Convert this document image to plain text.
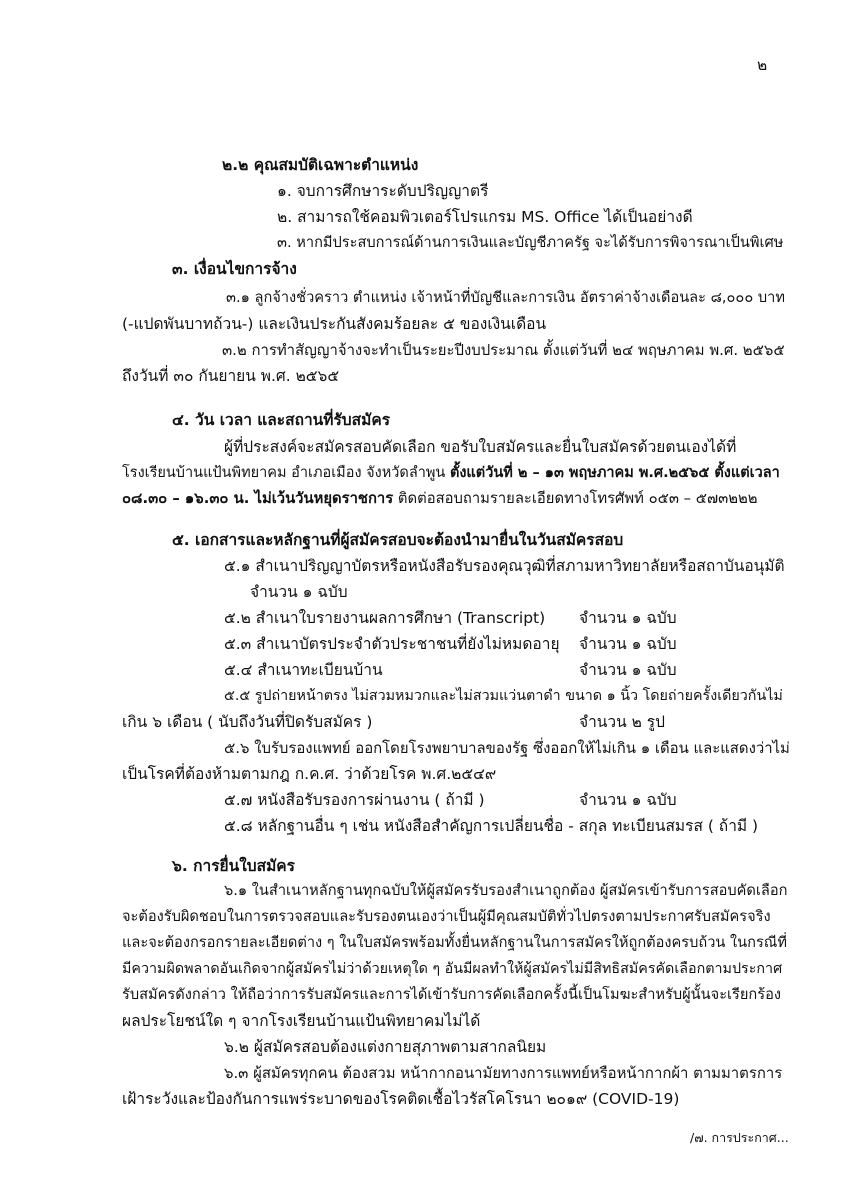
๒
๒.๒ คุณสมบัติเฉพาะตำแหน่ง
๑. จบการศึกษาระดับปริญญาตรี
๒. สามารถใช้คอมพิวเตอร์โปรแกรม MS. Office ได้เป็นอย่างดี
๓. หากมีประสบการณ์ด้านการเงินและบัญชีภาครัฐ จะได้รับการพิจารณาเป็นพิเศษ
๓. เงื่อนไขการจ้าง
๓.๑ ลูกจ้างชั่วคราว ตำแหน่ง เจ้าหน้าที่บัญชีและการเงิน อัตราค่าจ้างเดือนละ ๘,๐๐๐ บาท
(-แปดพันบาทถ้วน-) และเงินประกันสังคมร้อยละ ๕ ของเงินเดือน
๓.๒ การทำสัญญาจ้างจะทำเป็นระยะปีงบประมาณ ตั้งแต่วันที่ ๒๔ พฤษภาคม พ.ศ. ๒๕๖๕
ถึงวันที่ ๓๐ กันยายน พ.ศ. ๒๕๖๕
๔. วัน เวลา และสถานที่รับสมัคร
ผู้ที่ประสงค์จะสมัครสอบคัดเลือก ขอรับใบสมัครและยื่นใบสมัครด้วยตนเองได้ที่
โรงเรียนบ้านแป้นพิทยาคม อำเภอเมือง จังหวัดลำพูน ตั้งแต่วันที่ ๒ – ๑๓ พฤษภาคม พ.ศ.๒๕๖๕ ตั้งแต่เวลา
๐๘.๓๐ – ๑๖.๓๐ น. ไม่เว้นวันหยุดราชการ ติดต่อสอบถามรายละเอียดทางโทรศัพท์ ๐๕๓ – ๕๗๓๒๒๒
๕. เอกสารและหลักฐานที่ผู้สมัครสอบจะต้องนำมายื่นในวันสมัครสอบ
๕.๑ สำเนาปริญญาบัตรหรือหนังสือรับรองคุณวุฒิที่สภามหาวิทยาลัยหรือสถาบันอนุมัติ
จำนวน ๑ ฉบับ
๕.๒ สำเนาใบรายงานผลการศึกษา (Transcript) จำนวน ๑ ฉบับ
๕.๓ สำเนาบัตรประจำตัวประชาชนที่ยังไม่หมดอายุ จำนวน ๑ ฉบับ
๕.๔ สำเนาทะเบียนบ้าน	จำนวน ๑ ฉบับ
๕.๕ รูปถ่ายหน้าตรง ไม่สวมหมวกและไม่สวมแว่นตาดำ ขนาด ๑ นิ้ว โดยถ่ายครั้งเดียวกันไม่
เกิน ๖ เดือน ( นับถึงวันที่ปิดรับสมัคร )	จำนวน ๒ รูป
๕.๖ ใบรับรองแพทย์ ออกโดยโรงพยาบาลของรัฐ ซึ่งออกให้ไม่เกิน ๑ เดือน และแสดงว่าไม่
เป็นโรคที่ต้องห้ามตามกฎ ก.ค.ศ. ว่าด้วยโรค พ.ศ.๒๕๔๙
๕.๗ หนังสือรับรองการผ่านงาน ( ถ้ามี )	จำนวน ๑ ฉบับ
๕.๘ หลักฐานอื่น ๆ เช่น หนังสือสำคัญการเปลี่ยนชื่อ - สกุล ทะเบียนสมรส ( ถ้ามี )
๖. การยื่นใบสมัคร
๖.๑ ในสำเนาหลักฐานทุกฉบับให้ผู้สมัครรับรองสำเนาถูกต้อง ผู้สมัครเข้ารับการสอบคัดเลือก
จะต้องรับผิดชอบในการตรวจสอบและรับรองตนเองว่าเป็นผู้มีคุณสมบัติทั่วไปตรงตามประกาศรับสมัครจริง
และจะต้องกรอกรายละเอียดต่าง ๆ ในใบสมัครพร้อมทั้งยื่นหลักฐานในการสมัครให้ถูกต้องครบถ้วน ในกรณีที่
มีความผิดพลาดอันเกิดจากผู้สมัครไม่ว่าด้วยเหตุใด ๆ อันมีผลทำให้ผู้สมัครไม่มีสิทธิสมัครคัดเลือกตามประกาศ
รับสมัครดังกล่าว ให้ถือว่าการรับสมัครและการได้เข้ารับการคัดเลือกครั้งนี้เป็นโมฆะสำหรับผู้นั้นจะเรียกร้อง
ผลประโยชน์ใด ๆ จากโรงเรียนบ้านแป้นพิทยาคมไม่ได้
๖.๒ ผู้สมัครสอบต้องแต่งกายสุภาพตามสากลนิยม
๖.๓ ผู้สมัครทุกคน ต้องสวม หน้ากากอนามัยทางการแพทย์หรือหน้ากากผ้า ตามมาตรการ
เฝ้าระวังและป้องกันการแพร่ระบาดของโรคติดเชื้อไวรัสโคโรนา ๒๐๑๙ (COVID-19)
/๗. การประกาศ...
